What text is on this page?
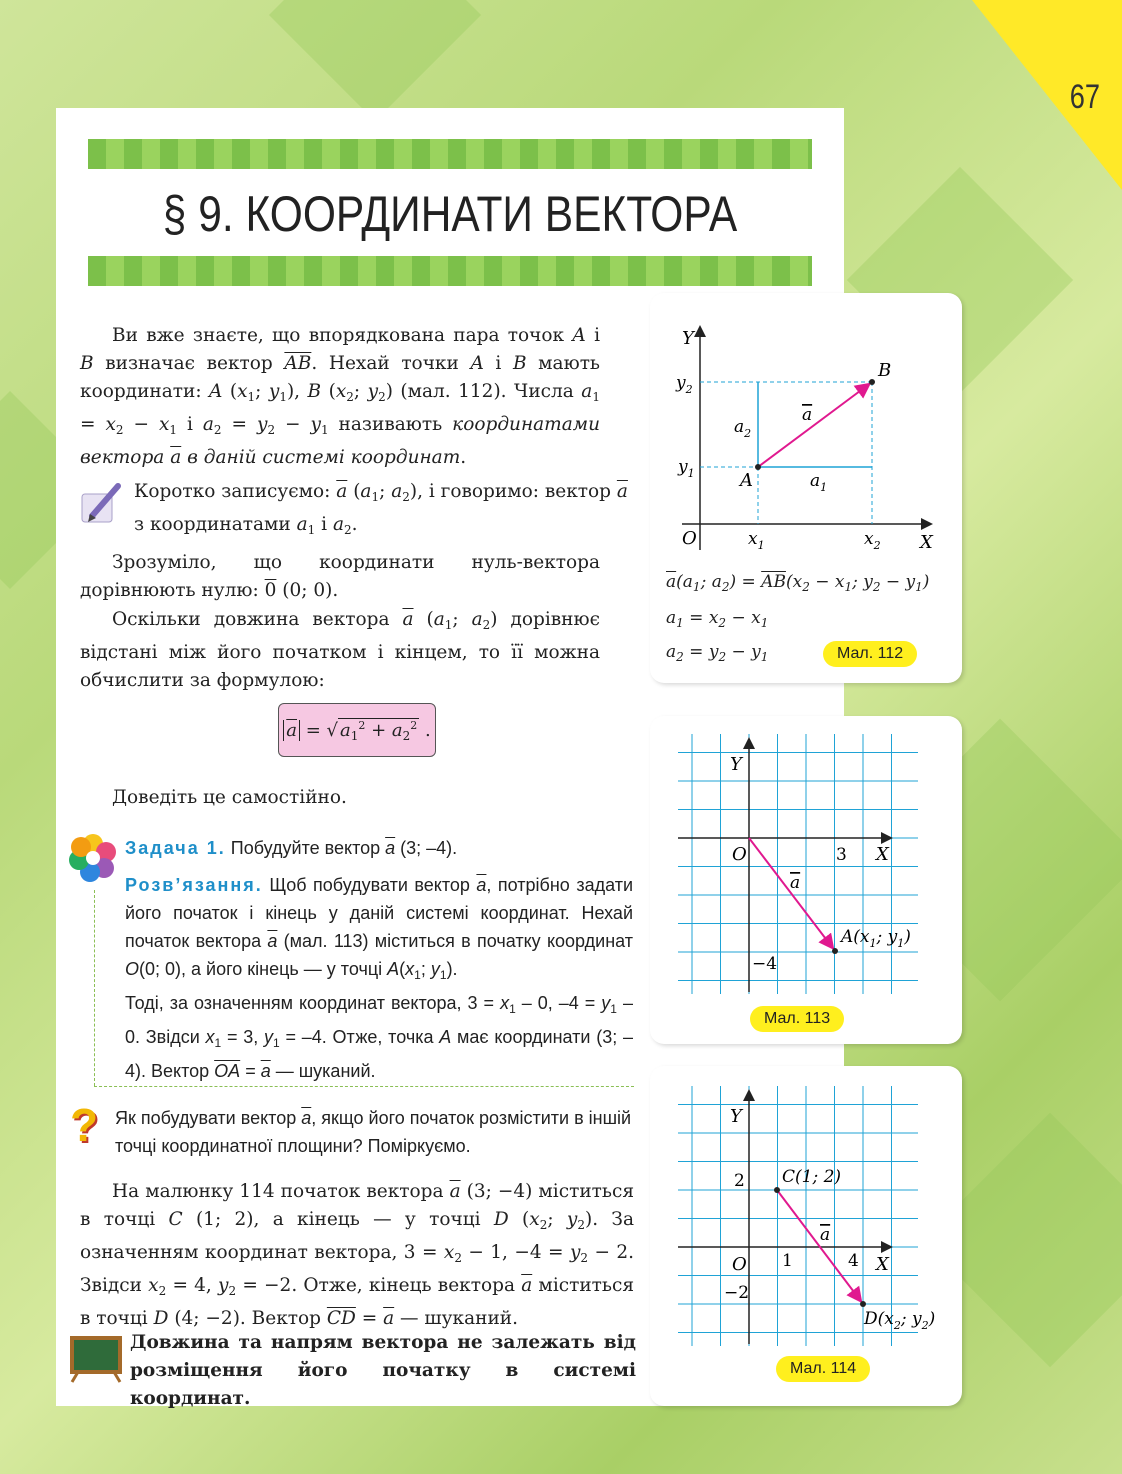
67
§ 9. КООРДИНАТИ ВЕКТОРА
Ви вже знаєте, що впорядкована пара точок A і B визначає вектор $\overline{AB}$. Нехай точки A і B мають координати: A ($x_1$; $y_1$), B ($x_2$; $y_2$) (мал. 112). Числа $a_1 = x_2 - x_1$ і $a_2 = y_2 - y_1$ називають координатами вектора $\overline{a}$ в даній системі координат.
Коротко записуємо: $\overline{a}$ ($a_1$; $a_2$), і говоримо: вектор $\overline{a}$ з координатами $a_1$ і $a_2$.
Зрозуміло, що координати нуль-вектора дорівнюють нулю: 0 (0; 0).
Оскільки довжина вектора $\overline{a}$ ($a_1$; $a_2$) дорівнює відстані між його початком і кінцем, то її можна обчислити за формулою:
$\overline{a}$ = √ $a_1^2 + a_2^2$ .
Доведіть це самостійно.
Задача 1. Побудуйте вектор $\overline{a}$ (3; –4).
Розв’язання. Щоб побудувати вектор $\overline{a}$, потрібно задати його початок і кінець у даній системі координат. Нехай початок вектора $\overline{a}$ (мал. 113) міститься в початку координат O(0; 0), а його кінець — у точці $A(x_1$; $y_1$).
Тоді, за означенням координат вектора, $3 = x_1 - 0$, $-4 = y_1 - 0$. Звідси $x_1 = 3$, $y_1 = -4$. Отже, точка A має координати (3; –4). Вектор $\overline{OA} = \overline{a}$ — шуканий.
? Як побудувати вектор $\overline{a}$, якщо його початок розмістити в іншій точці координатної площини? Поміркуємо.
На малюнку 114 початок вектора $\overline{a}$ (3; −4) міститься в точці C (1; 2), а кінець — у точці D ($x_2$; $y_2$). За означенням координат вектора, $3 = x_2 - 1$, $-4 = y_2 - 2$. Звідси $x_2 = 4$, $y_2 = -2$. Отже, кінець вектора $\overline{a}$ міститься в точці D (4; −2). Вектор $\overline{CD} = \overline{a}$ — шуканий.
Довжина та напрям вектора не залежать від розміщення його початку в системі координат.
Y
X
O
$y_2$
$y_1$
$x_1$	$x_2$
B
A
a
$a_2$
$a_1$
$\overline{a}(a_1$; $a_2) = \overline{AB}(x_2 - x_1$; $y_2 - y_1$)
$a_1 = x_2 - x_1$
$a_2 = y_2 - y_1$	Мал. 112
Y
X
O	3
−4
a
$A(x_1$; $y_1$)
Мал. 113
Y
X
O
2
1	4
−2
C(1; 2)
a
$D(x_2$; $y_2$)
Мал. 114
